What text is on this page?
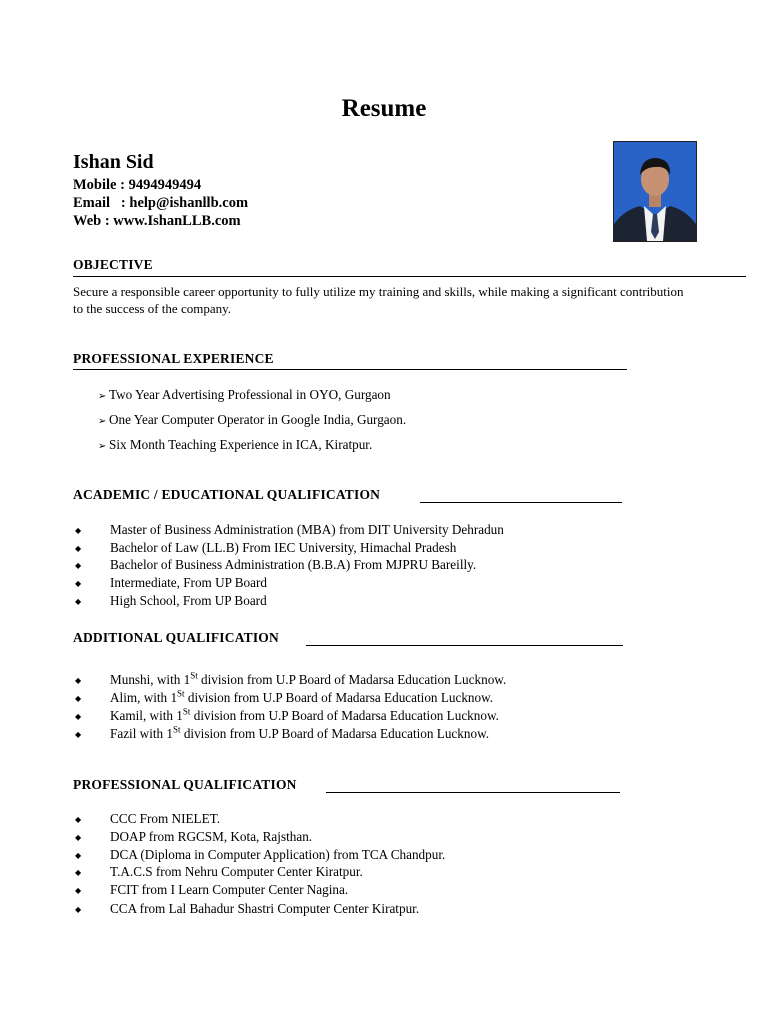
Resume
Ishan Sid
Mobile : 9494949494
Email   : help@ishanllb.com
Web : www.IshanLLB.com
OBJECTIVE
Secure a responsible career opportunity to fully utilize my training and skills, while making a significant contribution to the success of the company.
PROFESSIONAL EXPERIENCE
➢ Two Year Advertising Professional in OYO, Gurgaon
➢ One Year Computer Operator in Google India, Gurgaon.
➢ Six Month Teaching Experience in ICA, Kiratpur.
ACADEMIC / EDUCATIONAL QUALIFICATION
◆ Master of Business Administration (MBA) from DIT University Dehradun
◆ Bachelor of Law (LL.B) From IEC University, Himachal Pradesh
◆ Bachelor of Business Administration (B.B.A) From MJPRU Bareilly.
◆ Intermediate, From UP Board
◆ High School, From UP Board
ADDITIONAL QUALIFICATION
◆ Munshi, with 1St division from U.P Board of Madarsa Education Lucknow.
◆ Alim, with 1St division from U.P Board of Madarsa Education Lucknow.
◆ Kamil, with 1St division from U.P Board of Madarsa Education Lucknow.
◆ Fazil with 1St division from U.P Board of Madarsa Education Lucknow.
PROFESSIONAL QUALIFICATION
◆ CCC From NIELET.
◆ DOAP from RGCSM, Kota, Rajsthan.
◆ DCA (Diploma in Computer Application) from TCA Chandpur.
◆ T.A.C.S from Nehru Computer Center Kiratpur.
◆ FCIT from I Learn Computer Center Nagina.
◆ CCA from Lal Bahadur Shastri Computer Center Kiratpur.
